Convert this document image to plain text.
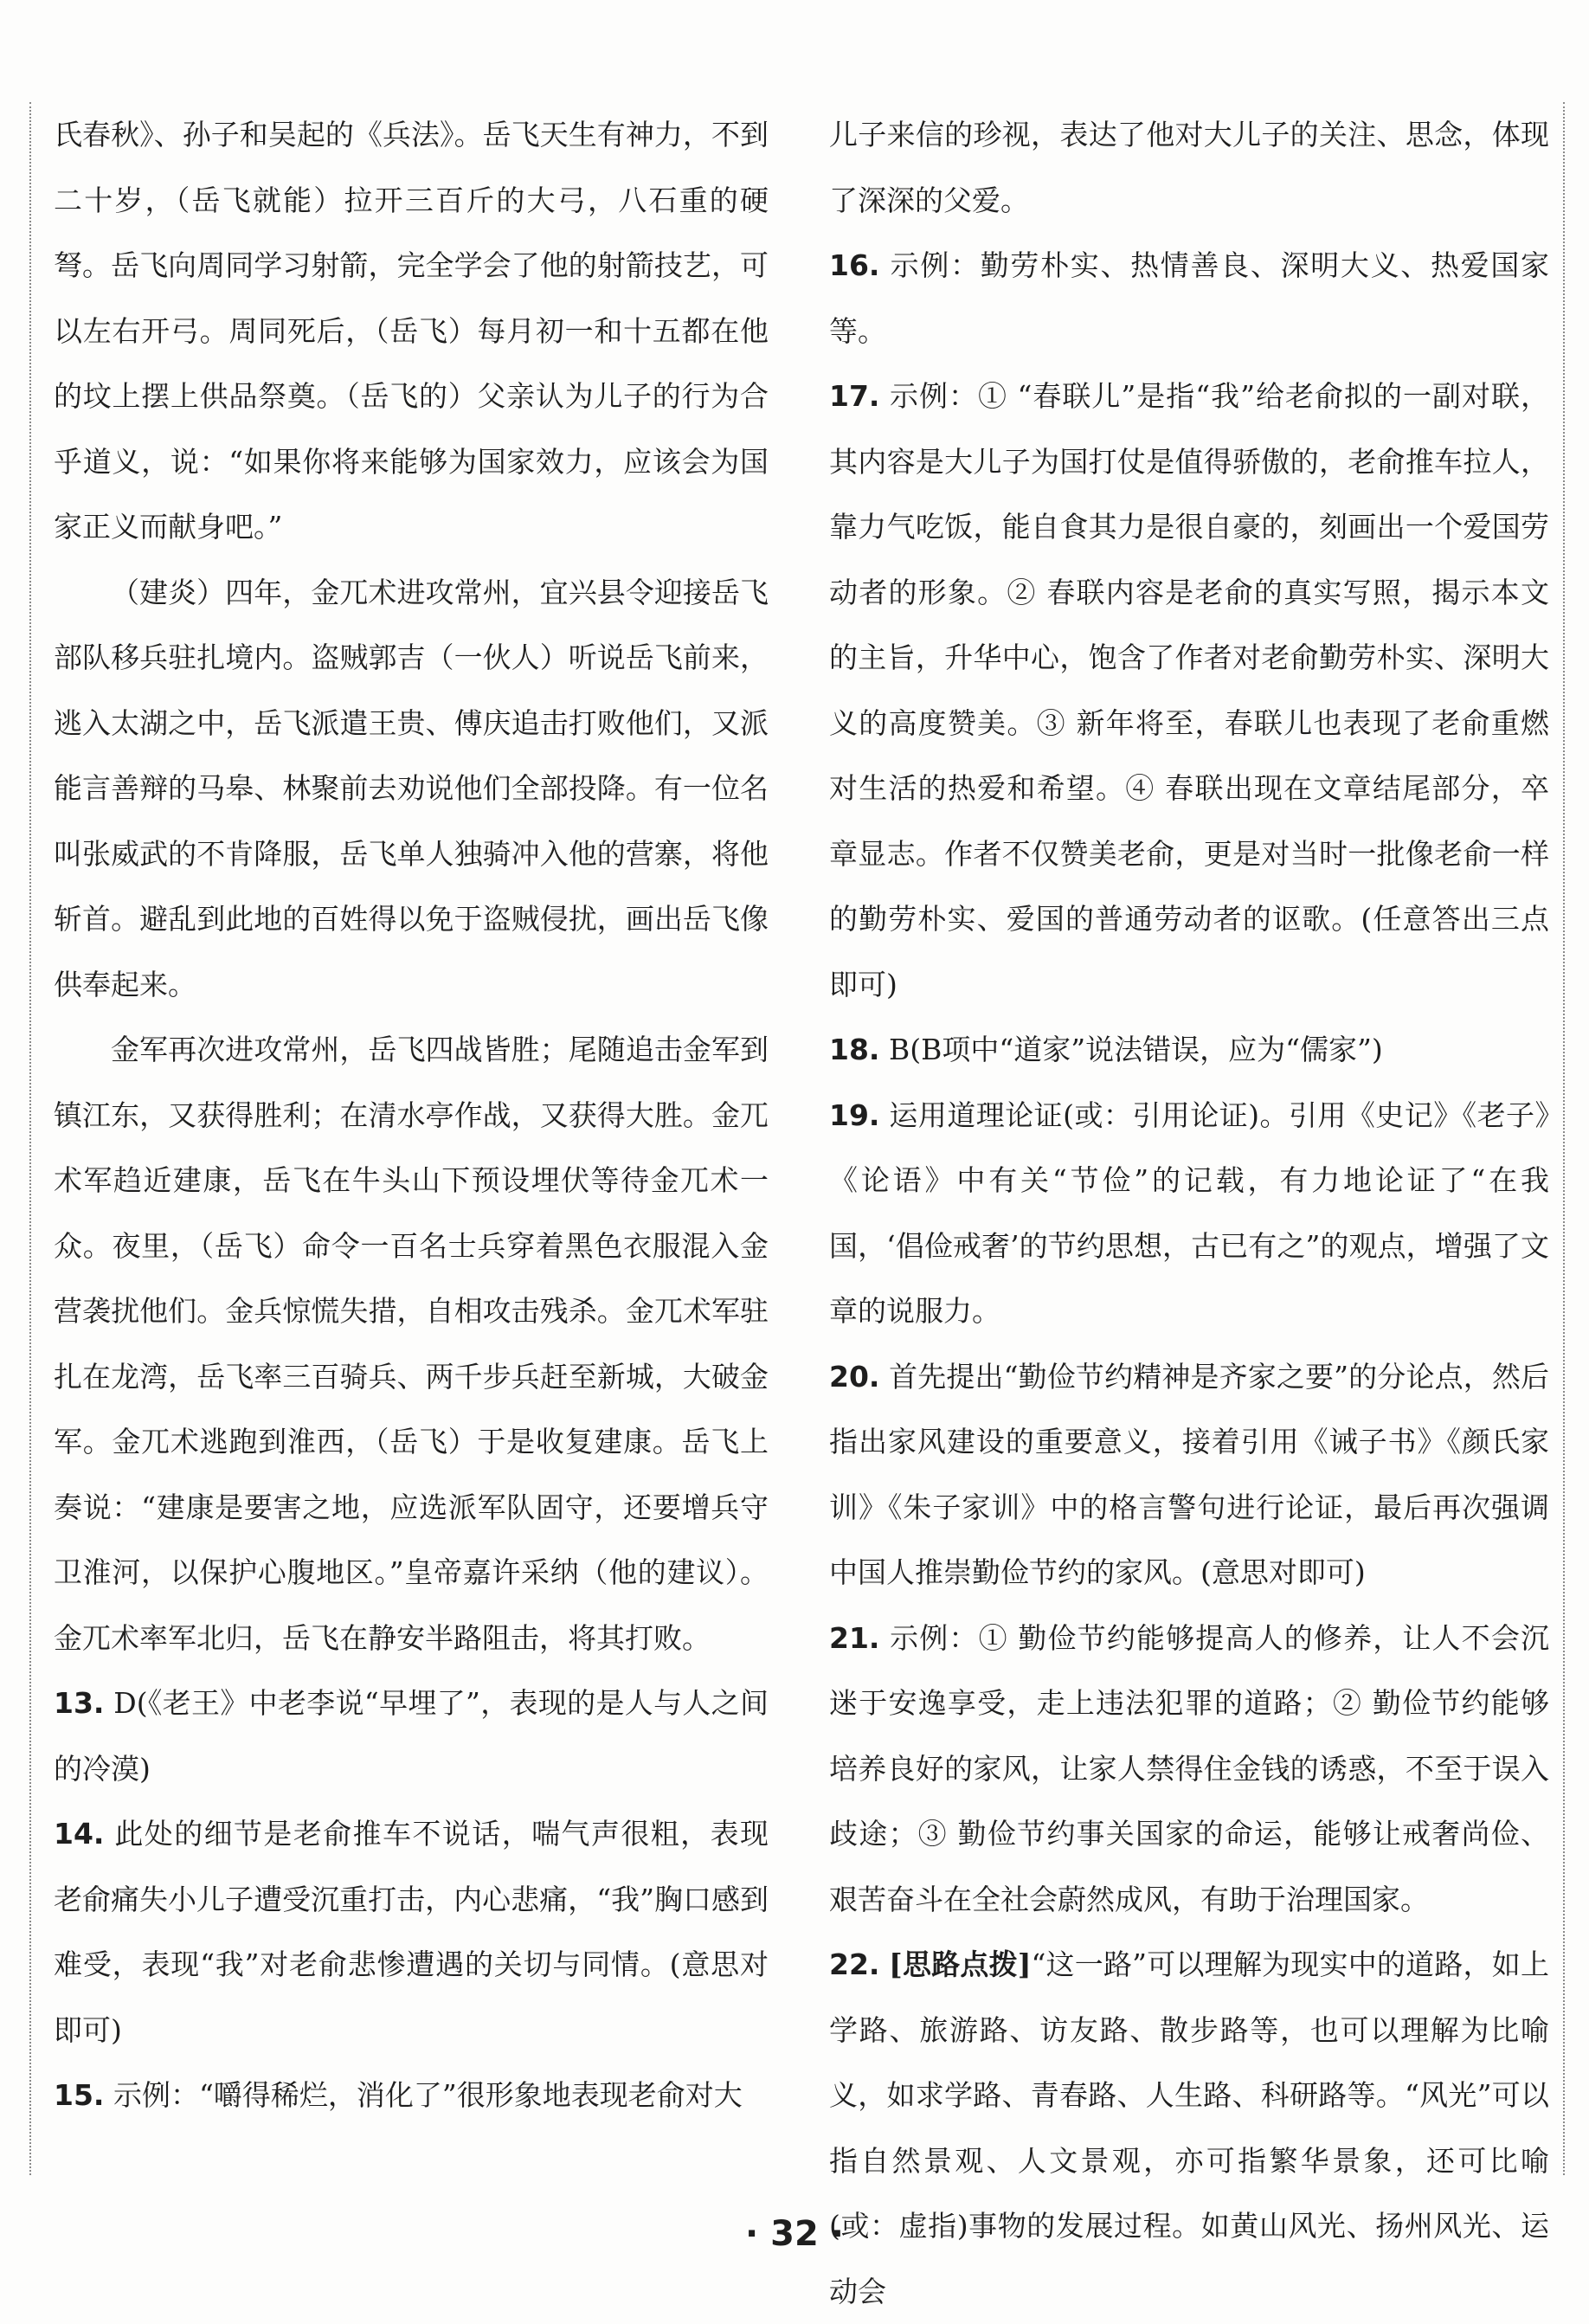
氏春秋》、孙子和吴起的《兵法》。岳飞天生有神力，不到二十岁，（岳飞就能）拉开三百斤的大弓，八石重的硬弩。岳飞向周同学习射箭，完全学会了他的射箭技艺，可以左右开弓。周同死后，（岳飞）每月初一和十五都在他的坟上摆上供品祭奠。（岳飞的）父亲认为儿子的行为合乎道义，说：“如果你将来能够为国家效力，应该会为国家正义而献身吧。”

（建炎）四年，金兀术进攻常州，宜兴县令迎接岳飞部队移兵驻扎境内。盗贼郭吉（一伙人）听说岳飞前来，逃入太湖之中，岳飞派遣王贵、傅庆追击打败他们，又派能言善辩的马皋、林聚前去劝说他们全部投降。有一位名叫张威武的不肯降服，岳飞单人独骑冲入他的营寨，将他斩首。避乱到此地的百姓得以免于盗贼侵扰，画出岳飞像供奉起来。

金军再次进攻常州，岳飞四战皆胜；尾随追击金军到镇江东，又获得胜利；在清水亭作战，又获得大胜。金兀术军趋近建康，岳飞在牛头山下预设埋伏等待金兀术一众。夜里，（岳飞）命令一百名士兵穿着黑色衣服混入金营袭扰他们。金兵惊慌失措，自相攻击残杀。金兀术军驻扎在龙湾，岳飞率三百骑兵、两千步兵赶至新城，大破金军。金兀术逃跑到淮西，（岳飞）于是收复建康。岳飞上奏说：“建康是要害之地，应选派军队固守，还要增兵守卫淮河，以保护心腹地区。”皇帝嘉许采纳（他的建议）。金兀术率军北归，岳飞在静安半路阻击，将其打败。

13. D(《老王》中老李说“早埋了”，表现的是人与人之间的冷漠)

14. 此处的细节是老俞推车不说话，喘气声很粗，表现老俞痛失小儿子遭受沉重打击，内心悲痛，“我”胸口感到难受，表现“我”对老俞悲惨遭遇的关切与同情。(意思对即可)

15. 示例：“嚼得稀烂，消化了”很形象地表现老俞对大

儿子来信的珍视，表达了他对大儿子的关注、思念，体现了深深的父爱。

16. 示例：勤劳朴实、热情善良、深明大义、热爱国家等。

17. 示例：① “春联儿”是指“我”给老俞拟的一副对联，其内容是大儿子为国打仗是值得骄傲的，老俞推车拉人，靠力气吃饭，能自食其力是很自豪的，刻画出一个爱国劳动者的形象。② 春联内容是老俞的真实写照，揭示本文的主旨，升华中心，饱含了作者对老俞勤劳朴实、深明大义的高度赞美。③ 新年将至，春联儿也表现了老俞重燃对生活的热爱和希望。④ 春联出现在文章结尾部分，卒章显志。作者不仅赞美老俞，更是对当时一批像老俞一样的勤劳朴实、爱国的普通劳动者的讴歌。(任意答出三点即可)

18. B(B项中“道家”说法错误，应为“儒家”)

19. 运用道理论证(或：引用论证)。引用《史记》《老子》《论语》中有关“节俭”的记载，有力地论证了“在我国，‘倡俭戒奢’的节约思想，古已有之”的观点，增强了文章的说服力。

20. 首先提出“勤俭节约精神是齐家之要”的分论点，然后指出家风建设的重要意义，接着引用《诫子书》《颜氏家训》《朱子家训》中的格言警句进行论证，最后再次强调中国人推崇勤俭节约的家风。(意思对即可)

21. 示例：① 勤俭节约能够提高人的修养，让人不会沉迷于安逸享受，走上违法犯罪的道路；② 勤俭节约能够培养良好的家风，让家人禁得住金钱的诱惑，不至于误入歧途；③ 勤俭节约事关国家的命运，能够让戒奢尚俭、艰苦奋斗在全社会蔚然成风，有助于治理国家。

22. [思路点拨]“这一路”可以理解为现实中的道路，如上学路、旅游路、访友路、散步路等，也可以理解为比喻义，如求学路、青春路、人生路、科研路等。“风光”可以指自然景观、人文景观，亦可指繁华景象，还可比喻(或：虚指)事物的发展过程。如黄山风光、扬州风光、运动会

· 32 ·
